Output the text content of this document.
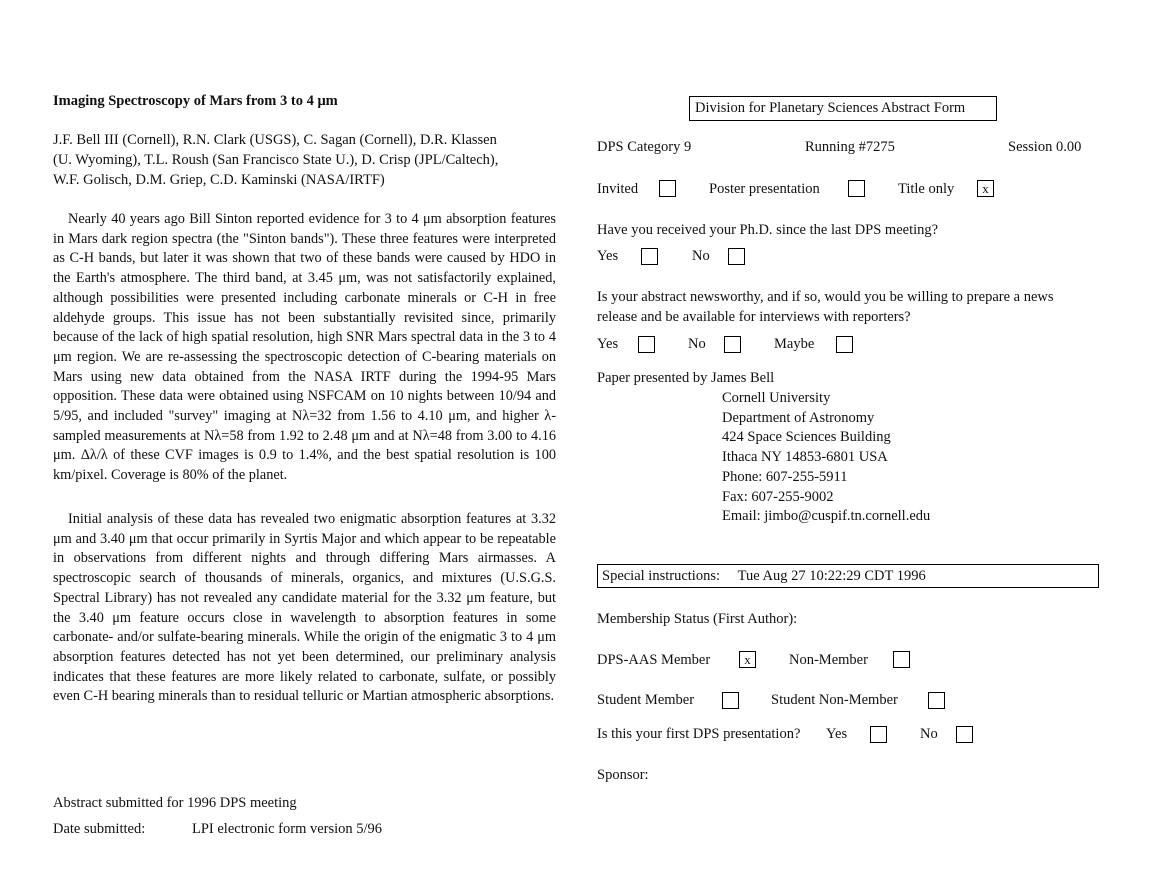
Imaging Spectroscopy of Mars from 3 to 4 μm
J.F. Bell III (Cornell), R.N. Clark (USGS), C. Sagan (Cornell), D.R. Klassen
(U. Wyoming), T.L. Roush (San Francisco State U.), D. Crisp (JPL/Caltech),
W.F. Golisch, D.M. Griep, C.D. Kaminski (NASA/IRTF)

Nearly 40 years ago Bill Sinton reported evidence for 3 to 4 μm absorption features in Mars dark region spectra (the "Sinton bands"). These three features were interpreted as C-H bands, but later it was shown that two of these bands were caused by HDO in the Earth's atmosphere. The third band, at 3.45 μm, was not satisfactorily explained, although possibilities were presented including carbonate minerals or C-H in free aldehyde groups. This issue has not been substantially revisited since, primarily because of the lack of high spatial resolution, high SNR Mars spectral data in the 3 to 4 μm region. We are re-assessing the spectroscopic detection of C-bearing materials on Mars using new data obtained from the NASA IRTF during the 1994-95 Mars opposition. These data were obtained using NSFCAM on 10 nights between 10/94 and 5/95, and included "survey" imaging at Nλ=32 from 1.56 to 4.10 μm, and higher λ-sampled measurements at Nλ=58 from 1.92 to 2.48 μm and at Nλ=48 from 3.00 to 4.16 μm. Δλ/λ of these CVF images is 0.9 to 1.4%, and the best spatial resolution is 100 km/pixel. Coverage is 80% of the planet.

Initial analysis of these data has revealed two enigmatic absorption features at 3.32 μm and 3.40 μm that occur primarily in Syrtis Major and which appear to be repeatable in observations from different nights and through differing Mars airmasses. A spectroscopic search of thousands of minerals, organics, and mixtures (U.S.G.S. Spectral Library) has not revealed any candidate material for the 3.32 μm feature, but the 3.40 μm feature occurs close in wavelength to absorption features in some carbonate- and/or sulfate-bearing minerals. While the origin of the enigmatic 3 to 4 μm absorption features detected has not yet been determined, our preliminary analysis indicates that these features are more likely related to carbonate, sulfate, or possibly even C-H bearing minerals than to residual telluric or Martian atmospheric absorptions.

Abstract submitted for 1996 DPS meeting
Date submitted:	LPI electronic form version 5/96
Division for Planetary Sciences Abstract Form
DPS Category 9	Running #7275	Session 0.00
Invited	Poster presentation	Title only	x
Have you received your Ph.D. since the last DPS meeting?
Yes	No
Is your abstract newsworthy, and if so, would you be willing to prepare a news
release and be available for interviews with reporters?
Yes	No	Maybe
Paper presented by James Bell
Cornell University
Department of Astronomy
424 Space Sciences Building
Ithaca NY 14853-6801 USA
Phone: 607-255-5911
Fax: 607-255-9002
Email: jimbo@cuspif.tn.cornell.edu
Special instructions: Tue Aug 27 10:22:29 CDT 1996
Membership Status (First Author):
DPS-AAS Member	x	Non-Member
Student Member	Student Non-Member
Is this your first DPS presentation? Yes	No
Sponsor:
